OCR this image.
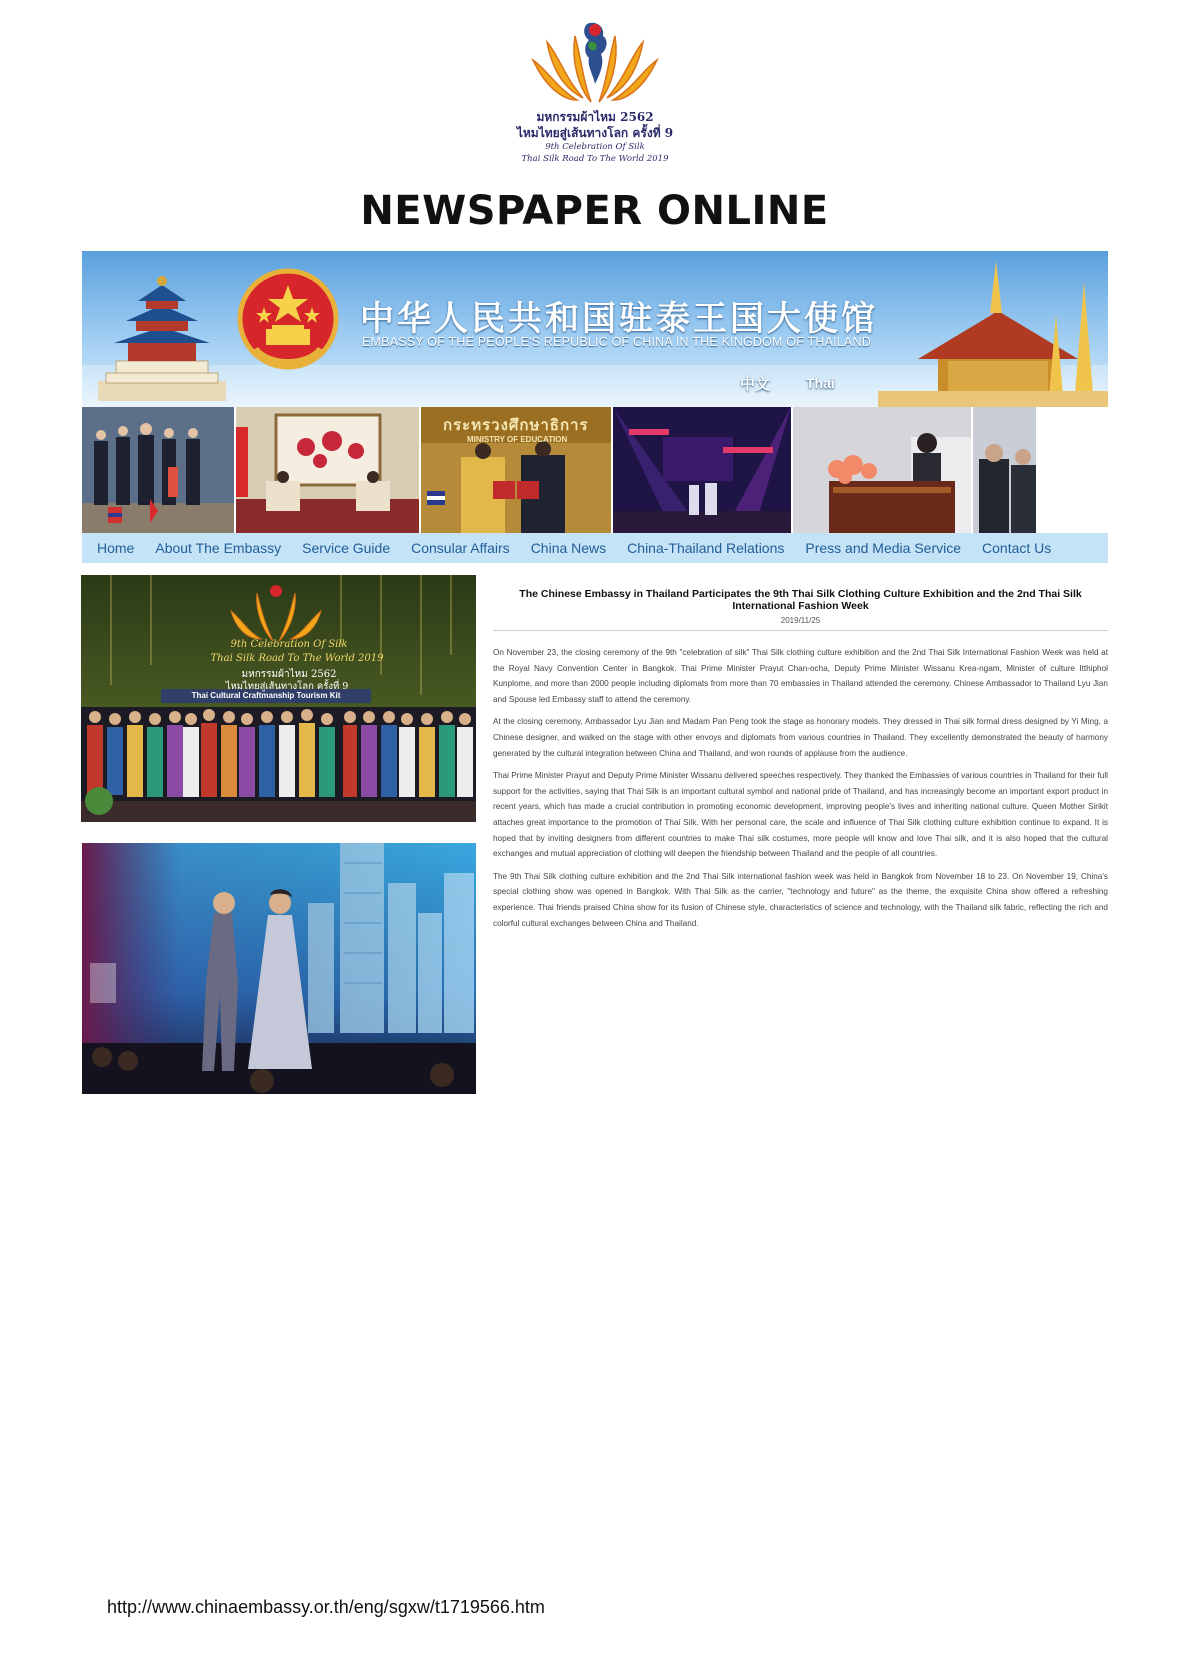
มหกรรมผ้าไหม 2562
ไหมไทยสู่เส้นทางโลก ครั้งที่ 9
9th Celebration Of Silk
Thai Silk Road To The World 2019
NEWSPAPER ONLINE
中华人民共和国驻泰王国大使馆
EMBASSY OF THE PEOPLE'S REPUBLIC OF CHINA IN THE KINGDOM OF THAILAND
中文	Thai
กระทรวงศึกษาธิการ
MINISTRY OF EDUCATION
Home About The Embassy Service Guide Consular Affairs China News China-Thailand Relations Press and Media Service Contact Us
9th Celebration Of Silk
Thai Silk Road To The World 2019
มหกรรมผ้าไหม 2562
ไหมไทยสู่เส้นทางโลก ครั้งที่ 9
Thai Cultural Craftmanship Tourism Kit
The Chinese Embassy in Thailand Participates the 9th Thai Silk Clothing Culture Exhibition and the 2nd Thai Silk International Fashion Week
2019/11/25

On November 23, the closing ceremony of the 9th "celebration of silk" Thai Silk clothing culture exhibition and the 2nd Thai Silk International Fashion Week was held at the Royal Navy Convention Center in Bangkok. Thai Prime Minister Prayut Chan-ocha, Deputy Prime Minister Wissanu Krea-ngam, Minister of culture Itthiphol Kunplome, and more than 2000 people including diplomats from more than 70 embassies in Thailand attended the ceremony. Chinese Ambassador to Thailand Lyu Jian and Spouse led Embassy staff to attend the ceremony.

At the closing ceremony, Ambassador Lyu Jian and Madam Pan Peng took the stage as honorary models. They dressed in Thai silk formal dress designed by Yi Ming, a Chinese designer, and walked on the stage with other envoys and diplomats from various countries in Thailand. They excellently demonstrated the beauty of harmony generated by the cultural integration between China and Thailand, and won rounds of applause from the audience.

Thai Prime Minister Prayut and Deputy Prime Minister Wissanu delivered speeches respectively. They thanked the Embassies of various countries in Thailand for their full support for the activities, saying that Thai Silk is an important cultural symbol and national pride of Thailand, and has increasingly become an important export product in recent years, which has made a crucial contribution in promoting economic development, improving people's lives and inheriting national culture. Queen Mother Sirikit attaches great importance to the promotion of Thai Silk. With her personal care, the scale and influence of Thai Silk clothing culture exhibition continue to expand. It is hoped that by inviting designers from different countries to make Thai silk costumes, more people will know and love Thai silk, and it is also hoped that the cultural exchanges and mutual appreciation of clothing will deepen the friendship between Thailand and the people of all countries.

The 9th Thai Silk clothing culture exhibition and the 2nd Thai Silk international fashion week was held in Bangkok from November 18 to 23. On November 19, China's special clothing show was opened in Bangkok. With Thai Silk as the carrier, "technology and future" as the theme, the exquisite China show offered a refreshing experience. Thai friends praised China show for its fusion of Chinese style, characteristics of science and technology, with the Thailand silk fabric, reflecting the rich and colorful cultural exchanges between China and Thailand.

http://www.chinaembassy.or.th/eng/sgxw/t1719566.htm
